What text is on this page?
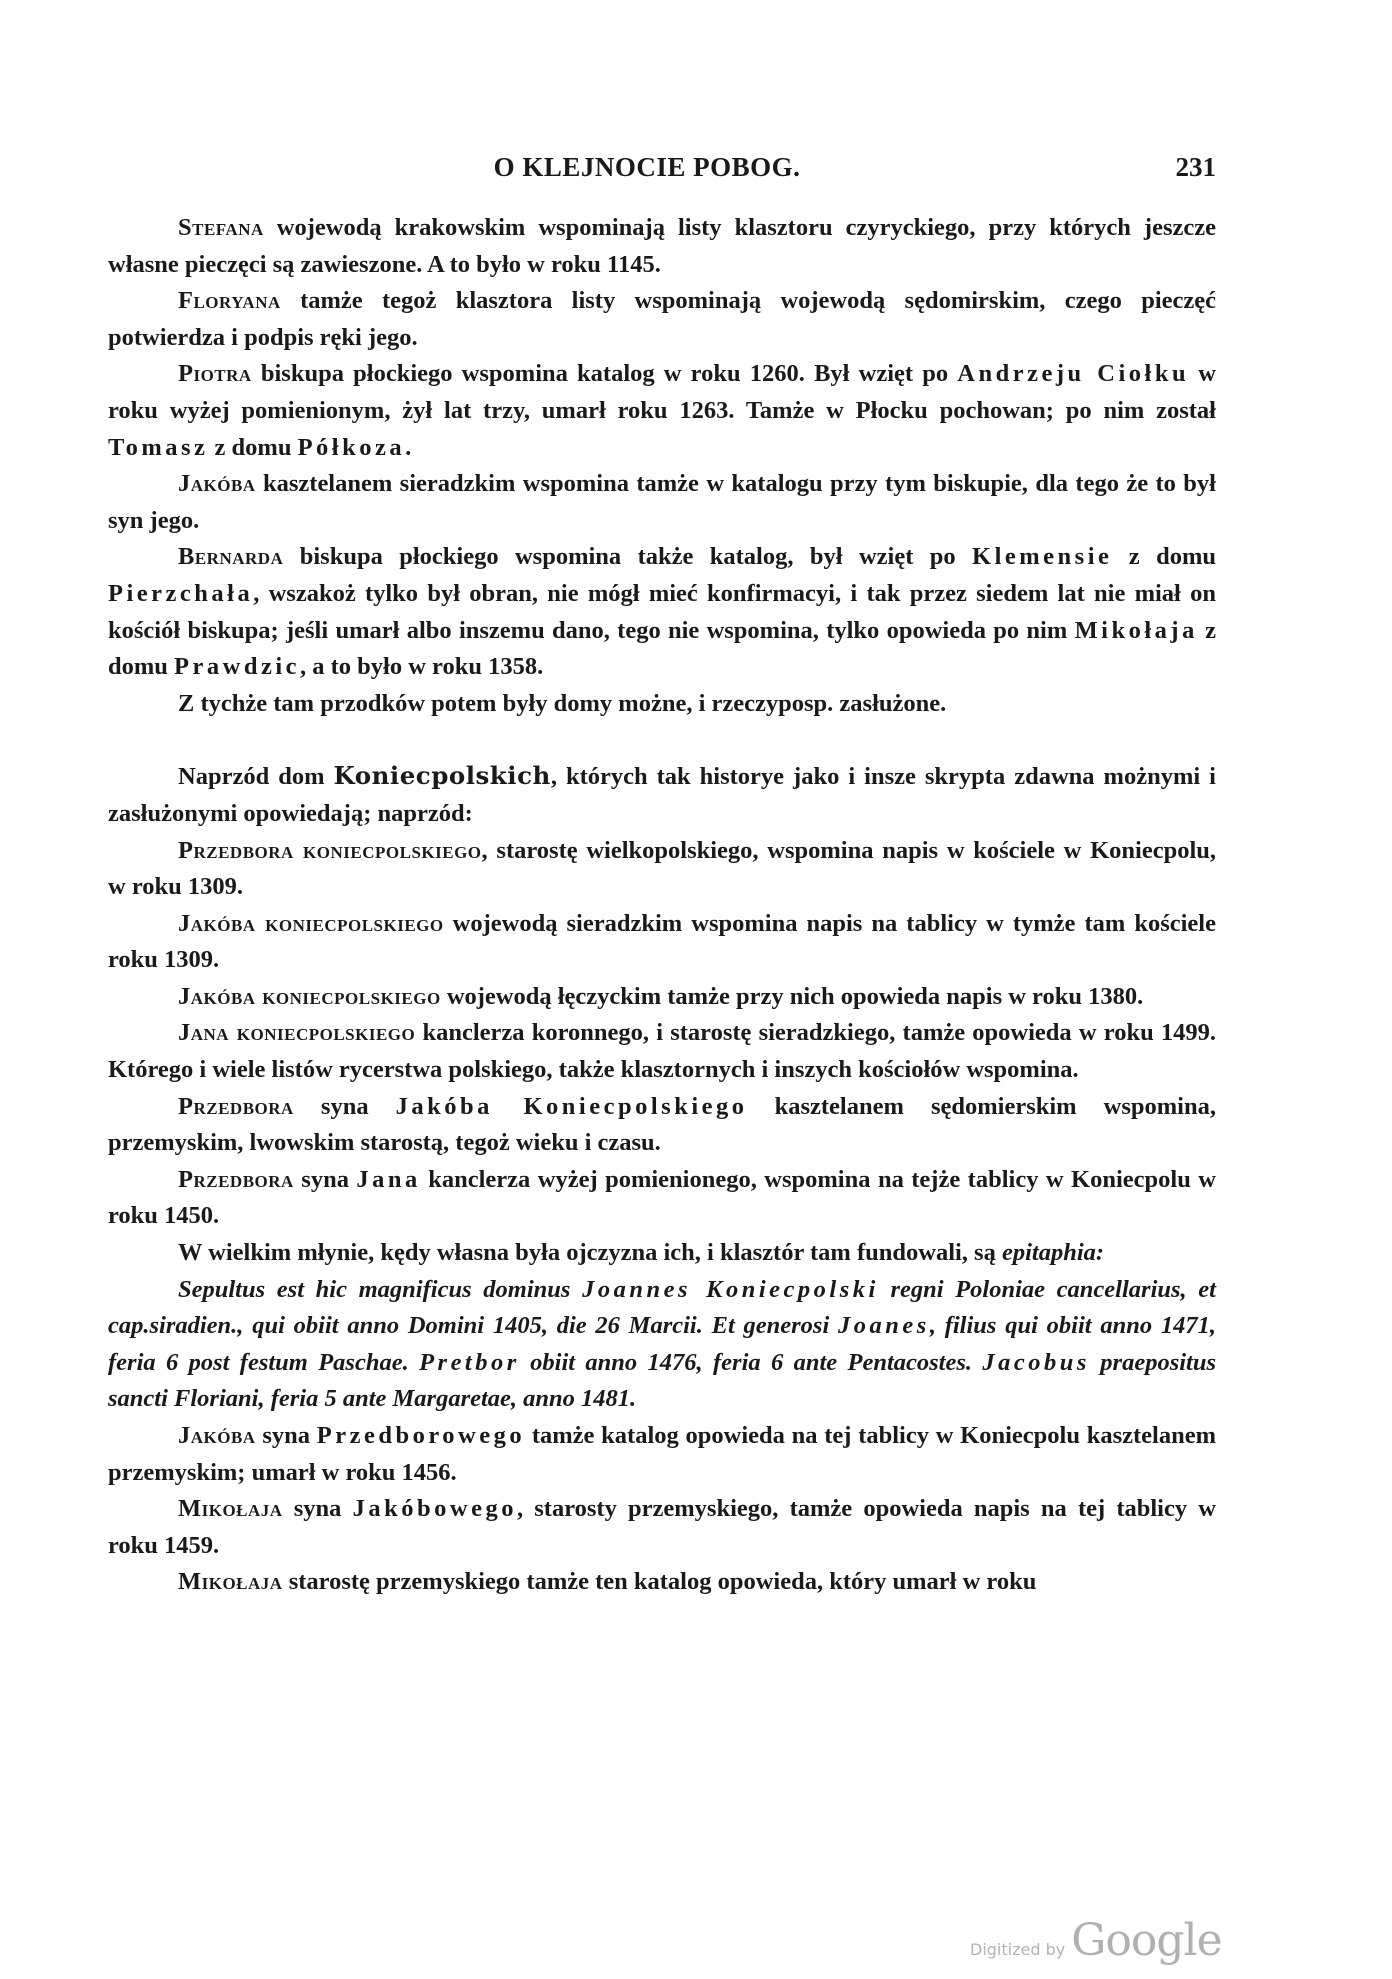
O KLEJNOCIE POBOG.	231

Stefana wojewodą krakowskim wspominają listy klasztoru czyryckiego, przy których jeszcze własne pieczęci są zawieszone. A to było w roku 1145.

Floryana tamże tegoż klasztora listy wspominają wojewodą sędomirskim, czego pieczęć potwierdza i podpis ręki jego.

Piotra biskupa płockiego wspomina katalog w roku 1260. Był wzięt po Andrzeju Ciołku w roku wyżej pomienionym, żył lat trzy, umarł roku 1263. Tamże w Płocku pochowan; po nim został Tomasz z domu Półkoza.

Jakóba kasztelanem sieradzkim wspomina tamże w katalogu przy tym biskupie, dla tego że to był syn jego.

Bernarda biskupa płockiego wspomina także katalog, był wzięt po Klemensie z domu Pierzchała, wszakoż tylko był obran, nie mógł mieć konfirmacyi, i tak przez siedem lat nie miał on kościół biskupa; jeśli umarł albo inszemu dano, tego nie wspomina, tylko opowieda po nim Mikołaja z domu Prawdzic, a to było w roku 1358.

Z tychże tam przodków potem były domy możne, i rzeczyposp. zasłużone.

Naprzód dom Koniecpolskich, których tak historye jako i insze skrypta zdawna możnymi i zasłużonymi opowiedają; naprzód:

Przedbora koniecpolskiego, starostę wielkopolskiego, wspomina napis w kościele w Koniecpolu, w roku 1309.

Jakóba koniecpolskiego wojewodą sieradzkim wspomina napis na tablicy w tymże tam kościele roku 1309.

Jakóba koniecpolskiego wojewodą łęczyckim tamże przy nich opowieda napis w roku 1380.

Jana koniecpolskiego kanclerza koronnego, i starostę sieradzkiego, tamże opowieda w roku 1499. Którego i wiele listów rycerstwa polskiego, także klasztornych i inszych kościołów wspomina.

Przedbora syna Jakóba Koniecpolskiego kasztelanem sędomierskim wspomina, przemyskim, lwowskim starostą, tegoż wieku i czasu.

Przedbora syna Jana kanclerza wyżej pomienionego, wspomina na tejże tablicy w Koniecpolu w roku 1450.

W wielkim młynie, kędy własna była ojczyzna ich, i klasztór tam fundowali, są epitaphia:

Sepultus est hic magnificus dominus Joannes Koniecpolski regni Poloniae cancellarius, et cap.siradien., qui obiit anno Domini 1405, die 26 Marcii. Et generosi Joanes, filius qui obiit anno 1471, feria 6 post festum Paschae. Pretbor obiit anno 1476, feria 6 ante Pentacostes. Jacobus praepositus sancti Floriani, feria 5 ante Margaretae, anno 1481.

Jakóba syna Przedborowego tamże katalog opowieda na tej tablicy w Koniecpolu kasztelanem przemyskim; umarł w roku 1456.

Mikołaja syna Jakóbowego, starosty przemyskiego, tamże opowieda napis na tej tablicy w roku 1459.

Mikołaja starostę przemyskiego tamże ten katalog opowieda, który umarł w roku

Digitized by Google
